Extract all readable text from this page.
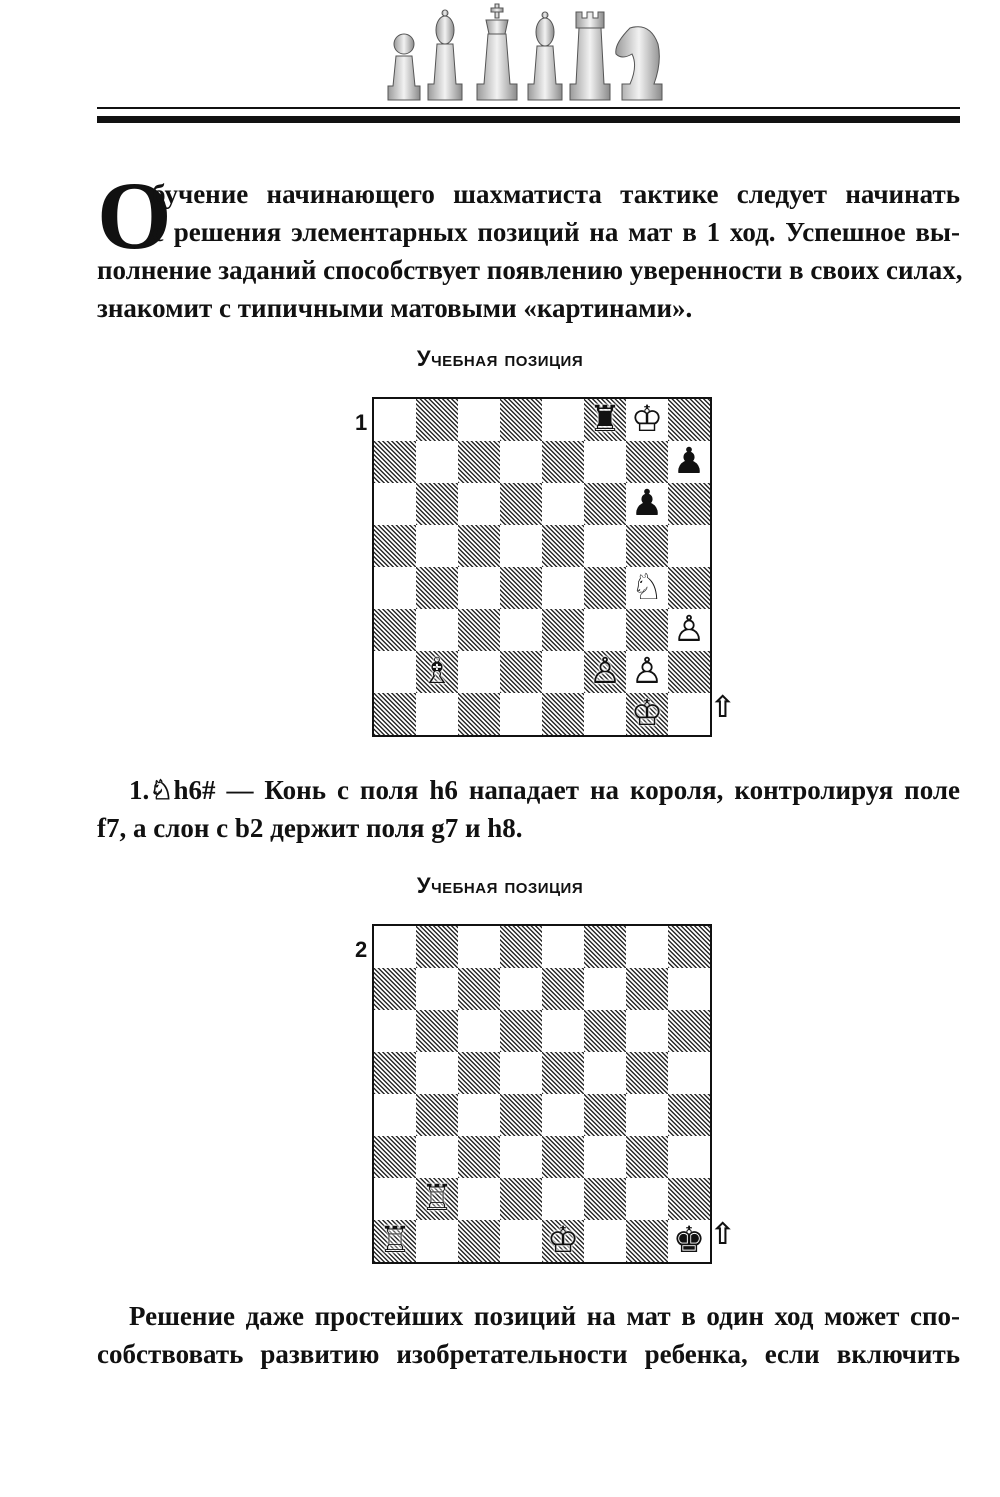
О

бучение начинающего шахматиста тактике следует начинать
с решения элементарных позиций на мат в 1 ход. Успешное вы-
полнение заданий способствует появлению уверенности в своих силах,
знакомит с типичными матовыми «картинами».

Учебная позиция
1	♜ ♔
♟
♟
♘
♙
♗	♙ ♙
♔ ⇧

1.♘h6# — Конь с поля h6 нападает на короля, контролируя поле
f7, а слон с b2 держит поля g7 и h8.

Учебная позиция
2
♖
♖	♔	♚ ⇧

Решение даже простейших позиций на мат в один ход может спо-
собствовать развитию изобретательности ребенка, если включить
